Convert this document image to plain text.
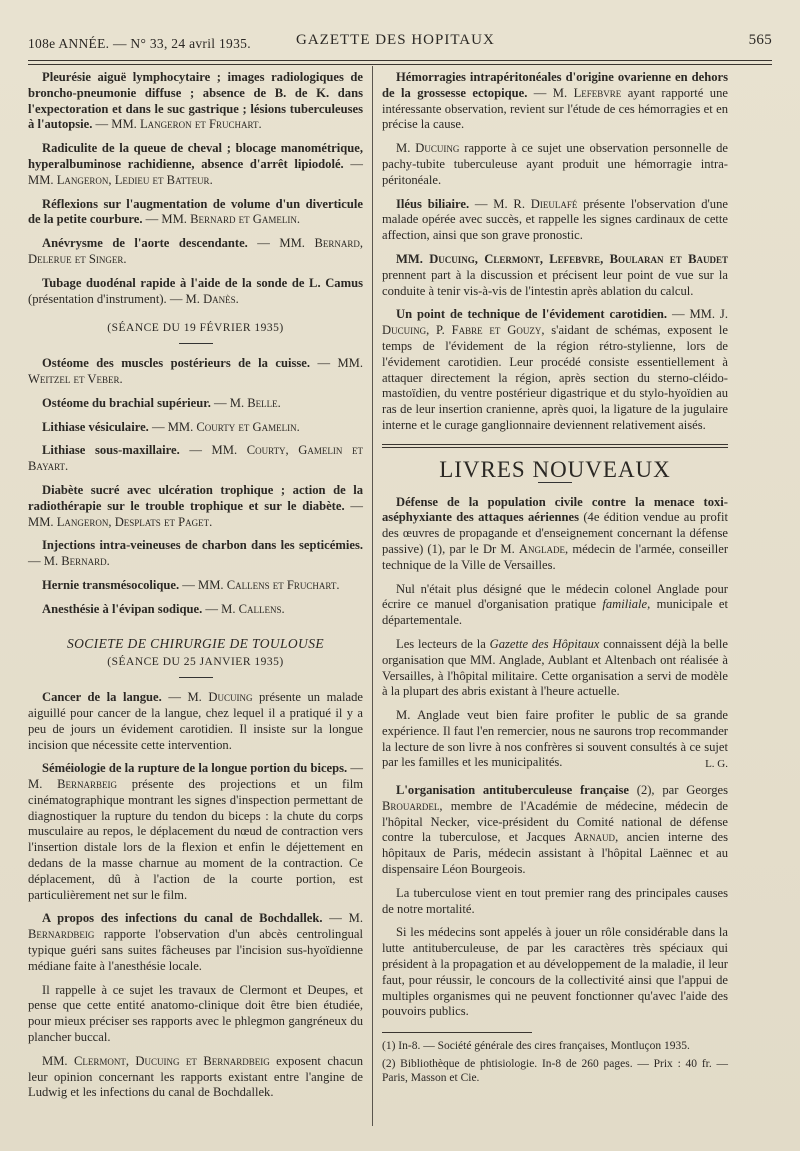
108e ANNÉE. — N° 33, 24 avril 1935.	GAZETTE DES HOPITAUX	565

Pleurésie aiguë lymphocytaire ; images radiologiques de broncho-pneumonie diffuse ; absence de B. de K. dans l'expectoration et dans le suc gastrique ; lésions tuberculeuses à l'autopsie. — MM. Langeron et Fruchart.

Radiculite de la queue de cheval ; blocage manométrique, hyperalbuminose rachidienne, absence d'arrêt lipiodolé. — MM. Langeron, Ledieu et Batteur.

Réflexions sur l'augmentation de volume d'un diverticule de la petite courbure. — MM. Bernard et Gamelin.

Anévrysme de l'aorte descendante. — MM. Bernard, Delerue et Singer.

Tubage duodénal rapide à l'aide de la sonde de L. Camus (présentation d'instrument). — M. Danès.

(SÉANCE DU 19 FÉVRIER 1935)

Ostéome des muscles postérieurs de la cuisse. — MM. Weitzel et Veber.

Ostéome du brachial supérieur. — M. Belle.

Lithiase vésiculaire. — MM. Courty et Gamelin.

Lithiase sous-maxillaire. — MM. Courty, Gamelin et Bayart.

Diabète sucré avec ulcération trophique ; action de la radiothérapie sur le trouble trophique et sur le diabète. — MM. Langeron, Desplats et Paget.

Injections intra-veineuses de charbon dans les septicémies. — M. Bernard.

Hernie transmésocolique. — MM. Callens et Fruchart.

Anesthésie à l'évipan sodique. — M. Callens.

SOCIETE DE CHIRURGIE DE TOULOUSE

(SÉANCE DU 25 JANVIER 1935)

Cancer de la langue. — M. Ducuing présente un malade aiguillé pour cancer de la langue, chez lequel il a pratiqué il y a peu de jours un évidement carotidien. Il insiste sur la longue incision que nécessite cette intervention.

Séméiologie de la rupture de la longue portion du biceps. — M. Bernarbeig présente des projections et un film cinématographique montrant les signes d'inspection permettant de diagnostiquer la rupture du tendon du biceps : la chute du corps musculaire au repos, le déplacement du nœud de contraction vers l'insertion distale lors de la flexion et enfin le déjettement en dedans de la masse charnue au moment de la contraction. Ce déplacement, dû à l'action de la courte portion, est particulièrement net sur le film.

A propos des infections du canal de Bochdallek. — M. Bernardbeig rapporte l'observation d'un abcès centrolingual typique guéri sans suites fâcheuses par l'incision sus-hyoïdienne médiane faite à l'anesthésie locale.

Il rappelle à ce sujet les travaux de Clermont et Deupes, et pense que cette entité anatomo-clinique doit être bien étudiée, pour mieux préciser ses rapports avec le phlegmon gangréneux du plancher buccal.

MM. Clermont, Ducuing et Bernardbeig exposent chacun leur opinion concernant les rapports existant entre l'angine de Ludwig et les infections du canal de Bochdallek.

Hémorragies intrapéritonéales d'origine ovarienne en dehors de la grossesse ectopique. — M. Lefebvre ayant rapporté une intéressante observation, revient sur l'étude de ces hémorragies et en précise la cause.

M. Ducuing rapporte à ce sujet une observation personnelle de pachy-tubite tuberculeuse ayant produit une hémorragie intra-péritonéale.

Iléus biliaire. — M. R. Dieulafé présente l'observation d'une malade opérée avec succès, et rappelle les signes cardinaux de cette affection, ainsi que son grave pronostic.

MM. Ducuing, Clermont, Lefebvre, Boularan et Baudet prennent part à la discussion et précisent leur point de vue sur la conduite à tenir vis-à-vis de l'intestin après ablation du calcul.

Un point de technique de l'évidement carotidien. — MM. J. Ducuing, P. Fabre et Gouzy, s'aidant de schémas, exposent le temps de l'évidement de la région rétro-stylienne, lors de l'évidement carotidien. Leur procédé consiste essentiellement à attaquer directement la région, après section du sterno-cléido-mastoïdien, du ventre postérieur digastrique et du stylo-hyoïdien au ras de leur insertion cranienne, après quoi, la ligature de la jugulaire interne et le curage ganglionnaire deviennent relativement aisés.

LIVRES NOUVEAUX

Défense de la population civile contre la menace toxi-aséphyxiante des attaques aériennes (4e édition vendue au profit des œuvres de propagande et d'enseignement concernant la défense passive) (1), par le Dr M. Anglade, médecin de l'armée, conseiller technique de la Ville de Versailles.

Nul n'était plus désigné que le médecin colonel Anglade pour écrire ce manuel d'organisation pratique familiale, municipale et départementale.

Les lecteurs de la Gazette des Hôpitaux connaissent déjà la belle organisation que MM. Anglade, Aublant et Altenbach ont réalisée à Versailles, à l'hôpital militaire. Cette organisation a servi de modèle à la plupart des abris existant à l'heure actuelle.

M. Anglade veut bien faire profiter le public de sa grande expérience. Il faut l'en remercier, nous ne saurons trop recommander la lecture de son livre à nos confrères si souvent consultés à ce sujet par les familles et les municipalités.	L. G.

L'organisation antituberculeuse française (2), par Georges Brouardel, membre de l'Académie de médecine, médecin de l'hôpital Necker, vice-président du Comité national de défense contre la tuberculose, et Jacques Arnaud, ancien interne des hôpitaux de Paris, médecin assistant à l'hôpital Laënnec et au dispensaire Léon Bourgeois.

La tuberculose vient en tout premier rang des principales causes de notre mortalité.

Si les médecins sont appelés à jouer un rôle considérable dans la lutte antituberculeuse, de par les caractères très spéciaux qui président à la propagation et au développement de la maladie, il leur faut, pour réussir, le concours de la collectivité ainsi que l'appui de multiples organismes qui ne peuvent fonctionner qu'avec l'aide des pouvoirs publics.

(1) In-8. — Société générale des cires françaises, Montluçon 1935.

(2) Bibliothèque de phtisiologie. In-8 de 260 pages. — Prix : 40 fr. — Paris, Masson et Cie.
